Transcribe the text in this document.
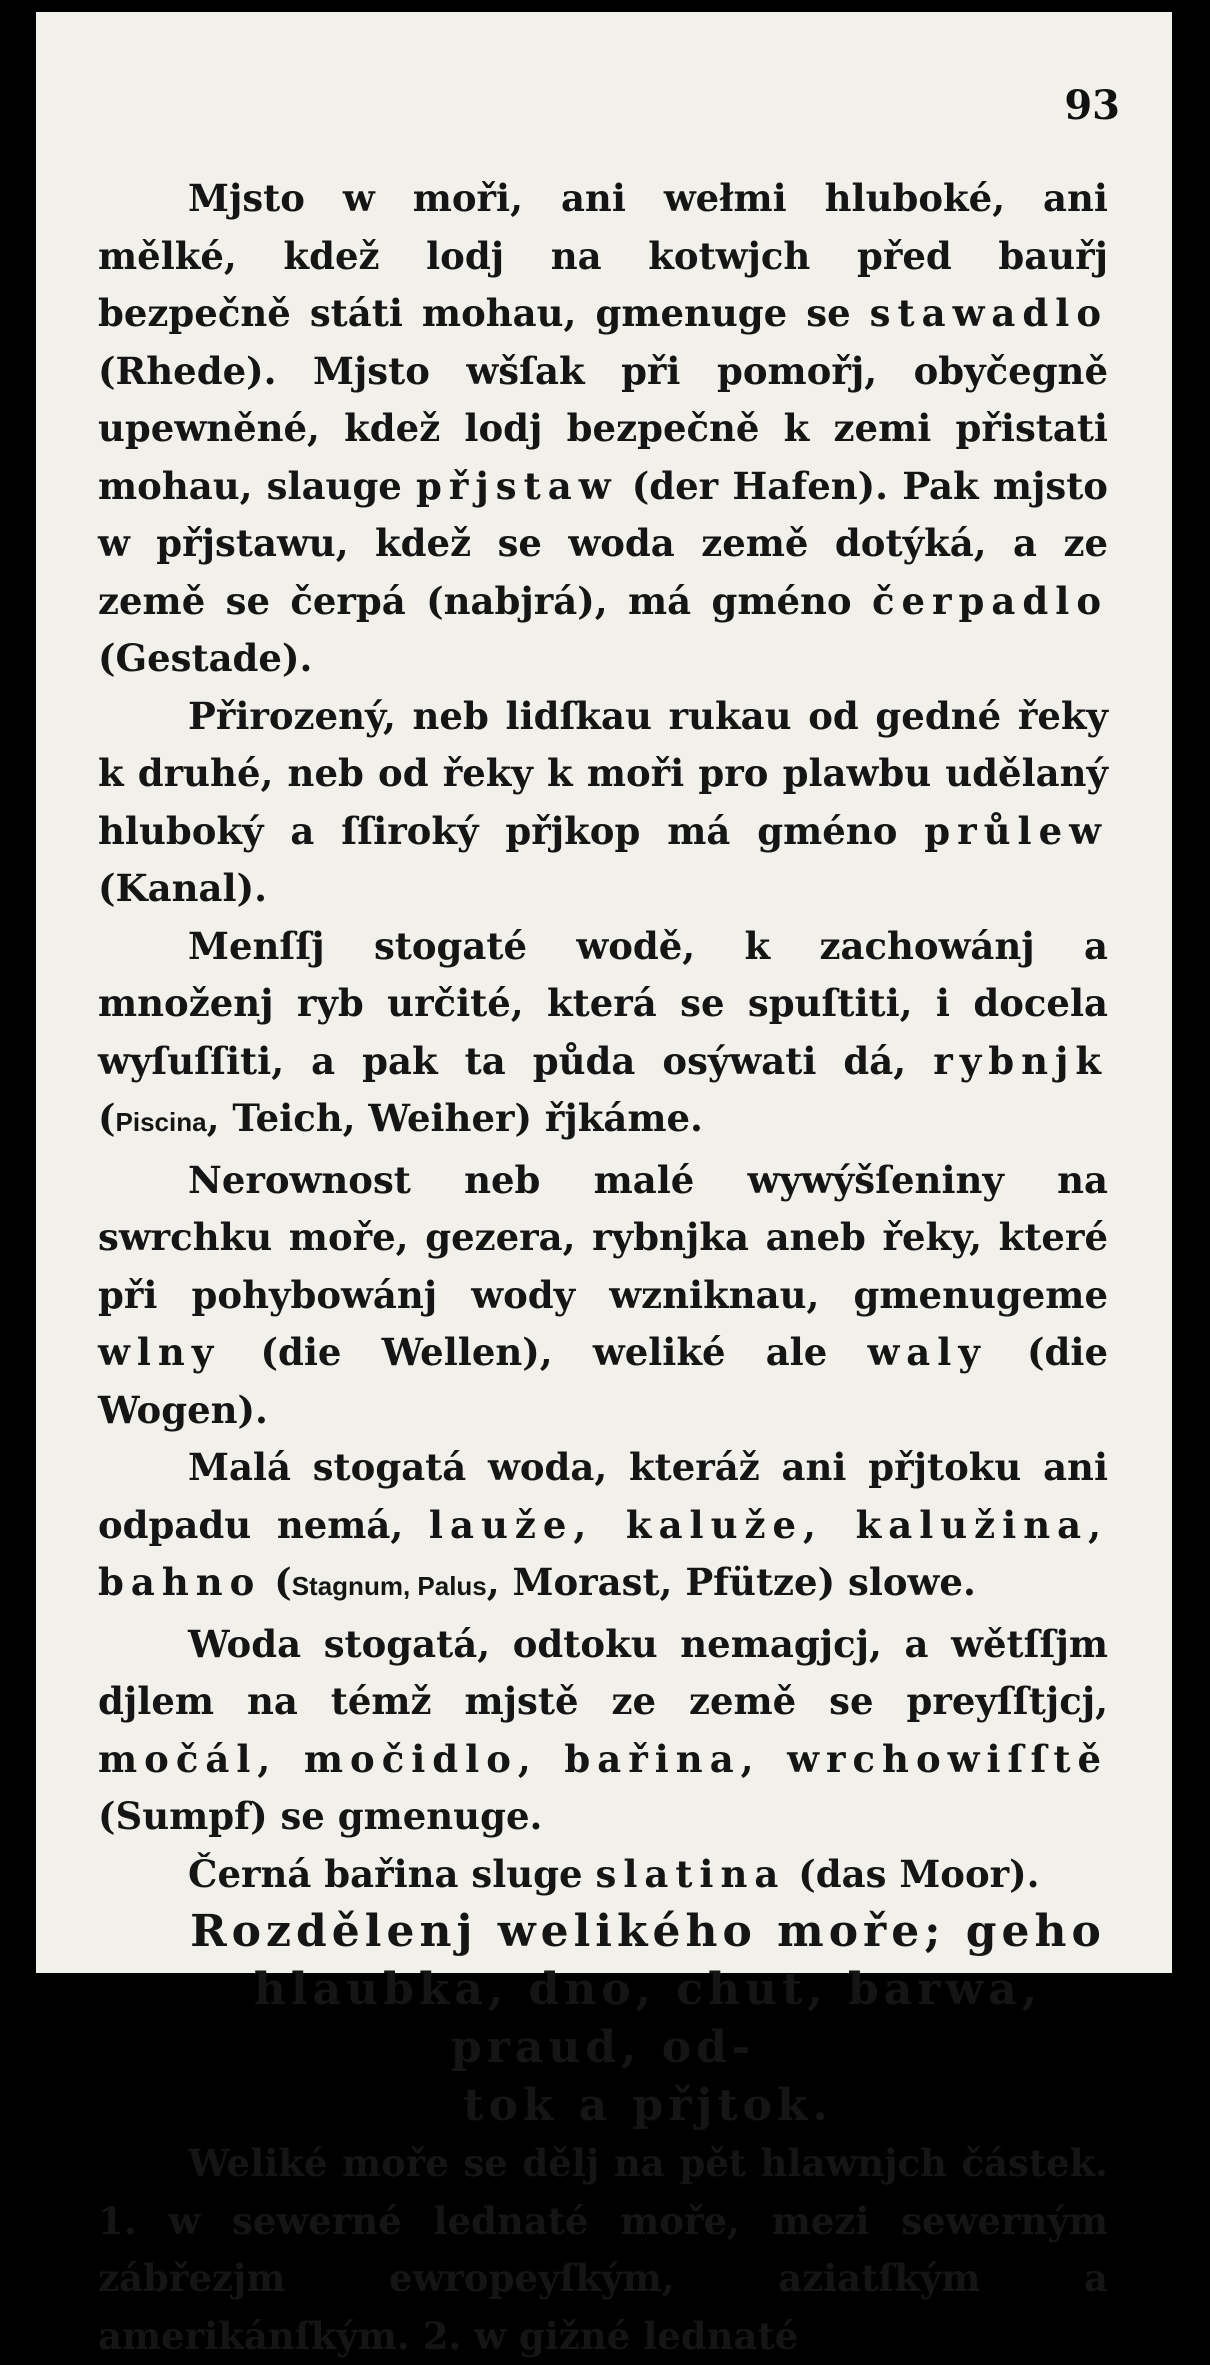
93

Mjsto w moři, ani wełmi hluboké, ani mělké, kdež lodj na kotwjch před bauřj bezpečně státi mohau, gmenuge se stawadlo (Rhede). Mjsto wšſak při pomořj, obyčegně upewněné, kdež lodj bezpečně k zemi přistati mohau, slauge přjstaw (der Hafen). Pak mjsto w přjstawu, kdež se woda země dotýká, a ze země se čerpá (nabjrá), má gméno čerpadlo (Gestade).

Přirozený, neb lidſkau rukau od gedné řeky k druhé, neb od řeky k moři pro plawbu udělaný hluboký a ſſiroký přjkop má gméno průlew (Kanal).

Menſſj stogaté wodě, k zachowánj a množenj ryb určité, která se spuſtiti, i docela wyſuſſiti, a pak ta půda osýwati dá, rybnjk (Piscina, Teich, Weiher) řjkáme.

Nerownost neb malé wywýšſeniny na swrchku moře, gezera, rybnjka aneb řeky, které při pohybowánj wody wzniknau, gmenugeme wlny (die Wellen), weliké ale waly (die Wogen).

Malá stogatá woda, kteráž ani přjtoku ani odpadu nemá, lauže, kaluže, kalužina, bahno (Stagnum, Palus, Morast, Pfütze) slowe.

Woda stogatá, odtoku nemagjcj, a wětſſjm djlem na témž mjstě ze země se preyſſtjcj, močál, močidlo, bařina, wrchowiſſtě (Sumpf) se gmenuge.

Černá bařina sluge slatina (das Moor).

Rozdělenj welikého moře; geho
hlaubka, dno, chut, barwa, praud, od-
tok a přjtok.

Weliké moře se dělj na pět hlawnjch částek. 1. w sewerné lednaté moře, mezi sewerným zábřezjm ewropeyſkým, aziatſkým a amerikánſkým. 2. w gižné lednaté
